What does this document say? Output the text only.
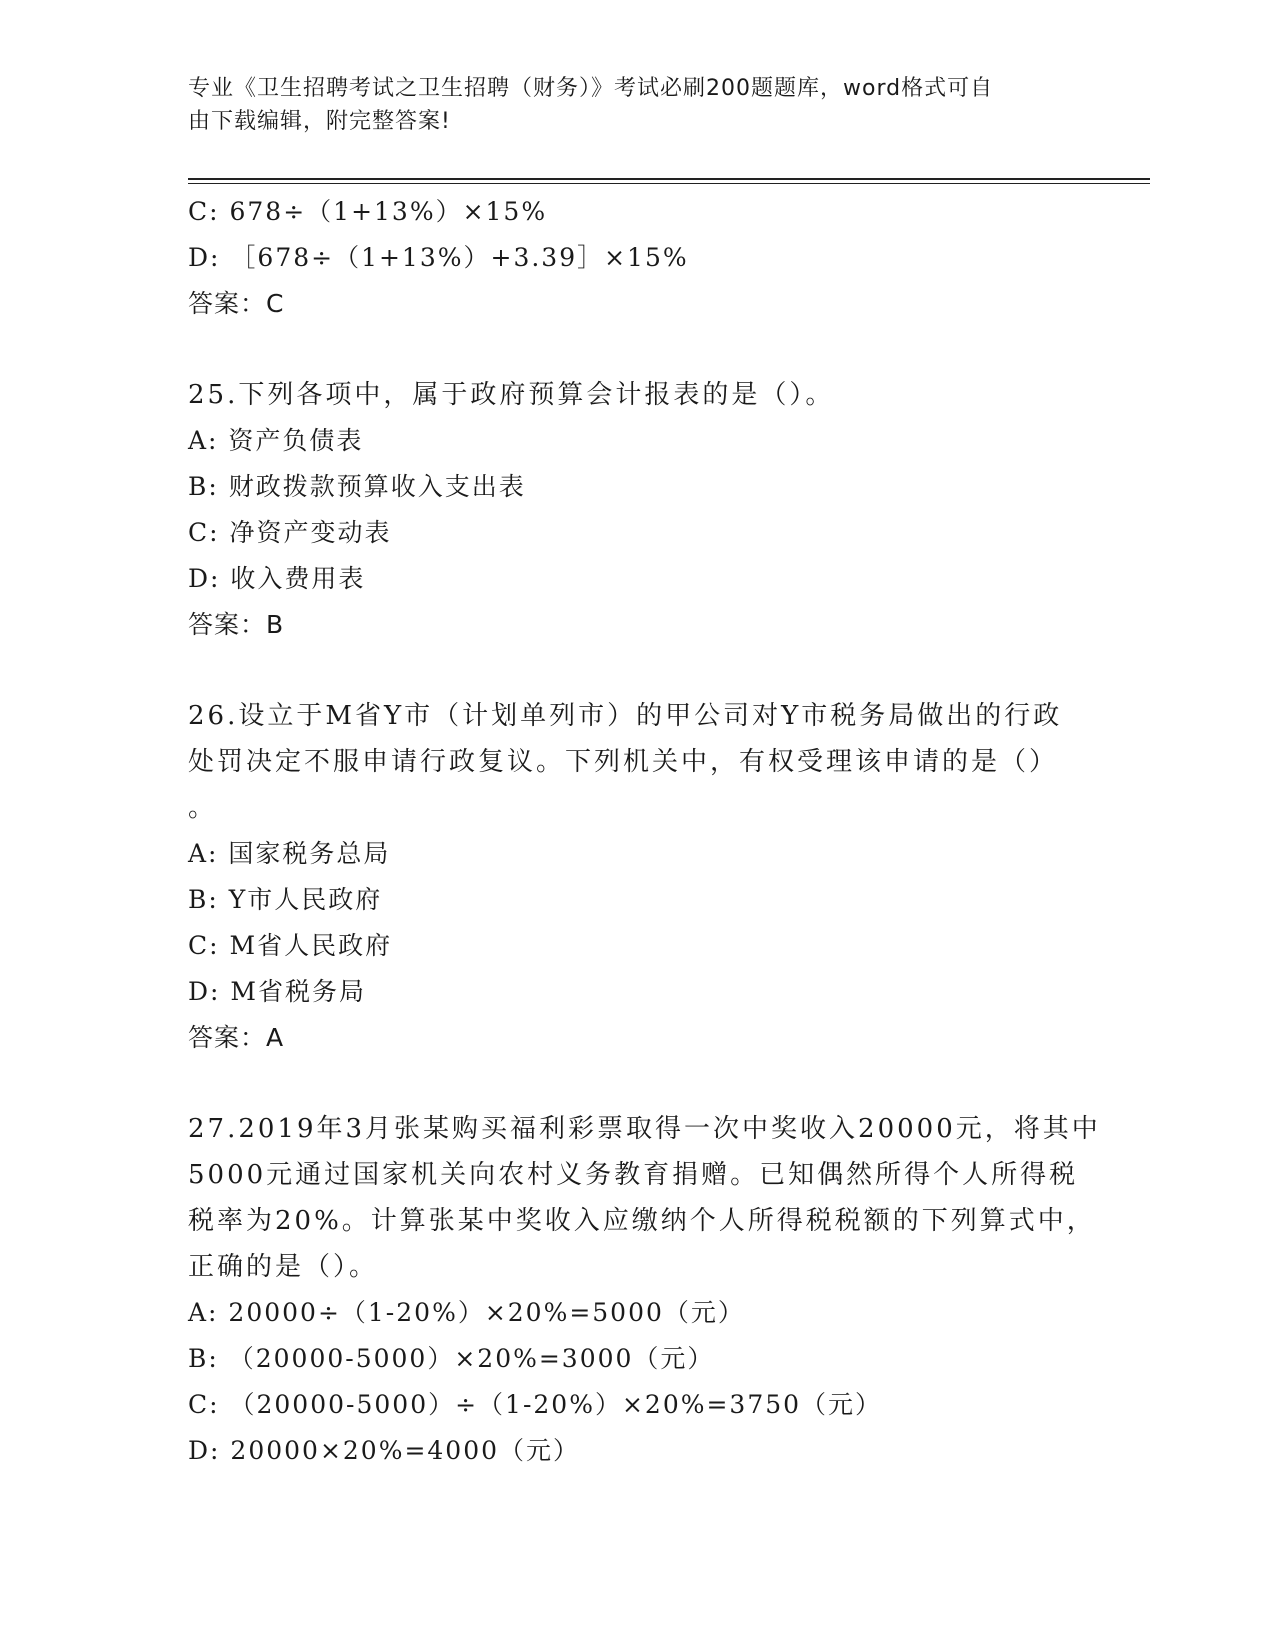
专业《卫生招聘考试之卫生招聘（财务）》考试必刷200题题库，word格式可自
由下载编辑，附完整答案!
C: 678÷（1+13%）×15%
D: ［678÷（1+13%）+3.39］×15%
答案：C
25.下列各项中，属于政府预算会计报表的是（）。
A: 资产负债表
B: 财政拨款预算收入支出表
C: 净资产变动表
D: 收入费用表
答案：B
26.设立于M省Y市（计划单列市）的甲公司对Y市税务局做出的行政
处罚决定不服申请行政复议。下列机关中，有权受理该申请的是（）
。
A: 国家税务总局
B: Y市人民政府
C: M省人民政府
D: M省税务局
答案：A
27.2019年3月张某购买福利彩票取得一次中奖收入20000元，将其中
5000元通过国家机关向农村义务教育捐赠。已知偶然所得个人所得税
税率为20%。计算张某中奖收入应缴纳个人所得税税额的下列算式中，
正确的是（）。
A: 20000÷（1-20%）×20%=5000（元）
B: （20000-5000）×20%=3000（元）
C: （20000-5000）÷（1-20%）×20%=3750（元）
D: 20000×20%=4000（元）
